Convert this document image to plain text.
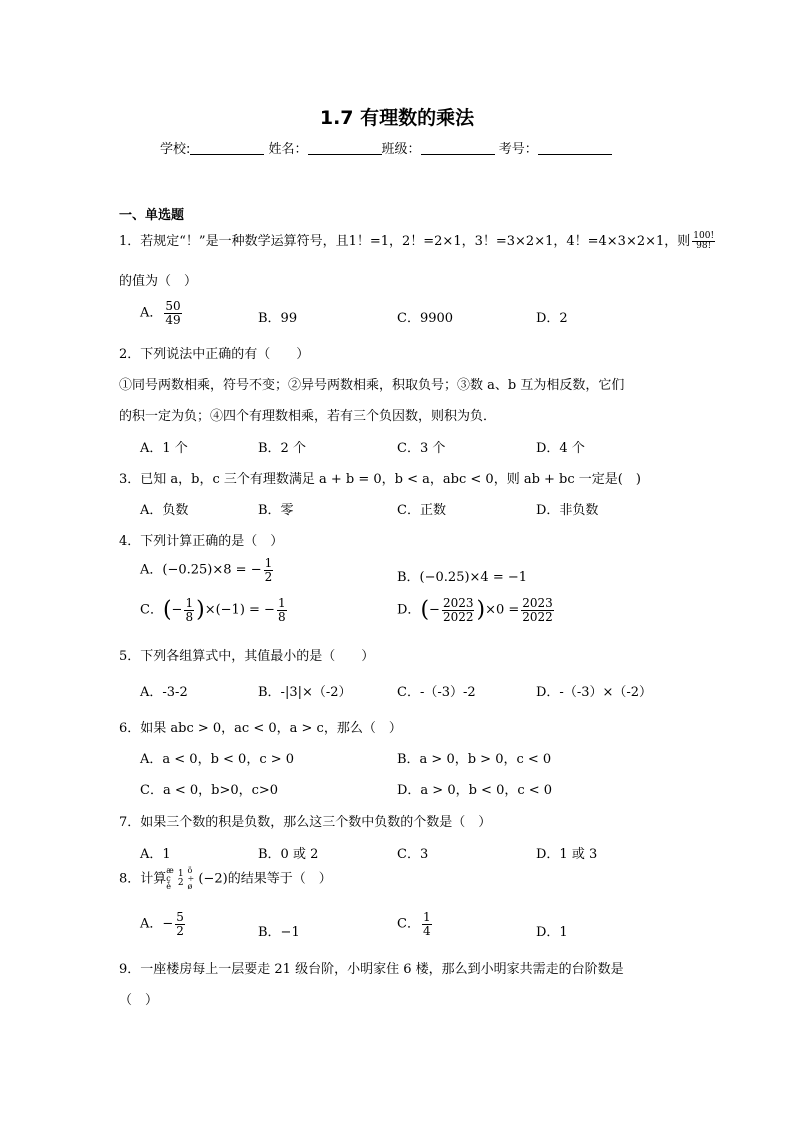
1.7 有理数的乘法
学校:	姓名：	班级：	考号：
一、单选题
1．若规定“！”是一种数学运算符号，且1！=1，2！=2×1，3！=3×2×1，4！=4×3×2×1，则 $\frac{100!}{98!}$
的值为（　）
A． $\frac{50}{49}$	B．99	C．9900	D．2
2．下列说法中正确的有（　　）
①同号两数相乘，符号不变；②异号两数相乘，积取负号；③数 a、b 互为相反数，它们
的积一定为负；④四个有理数相乘，若有三个负因数，则积为负．
A．1 个	B．2 个	C．3 个	D．4 个
3．已知 a，b，c 三个有理数满足 a + b = 0，b < a，abc < 0，则 ab + bc 一定是(　)
A．负数	B．零	C．正数	D．非负数
4．下列计算正确的是（　）
A．(−0.25)×8 = − $\frac{1}{2}$	B．(−0.25)×4 = −1
C．(− $\frac{1}{8} )\times(-1)$ = − $\frac{1}{8}$	D．(− $\frac{2023}{2022} )\times 0 = \frac{2023}{2022}$
5．下列各组算式中，其值最小的是（　　）
A．-3-2	B．-|3|×（-2）	C．-（-3）-2	D．-（-3）×（-2）
6．如果 abc > 0，ac < 0，a > c，那么（　）
A．a < 0，b < 0，c > 0	B．a > 0，b > 0，c < 0
C．a < 0，b>0，c>0	D．a > 0，b < 0，c < 0
7．如果三个数的积是负数，那么这三个数中负数的个数是（　）
A．1	B．0 或 2	C．3	D．1 或 3
8．计算
æ
ç
è
1
2
ö
÷
ø (−2)的结果等于（　）
A．− $\frac{5}{2}$	B．−1
C． $\frac{1}{4}$	D．1
9．一座楼房每上一层要走 21 级台阶，小明家住 6 楼，那么到小明家共需走的台阶数是
（　）
